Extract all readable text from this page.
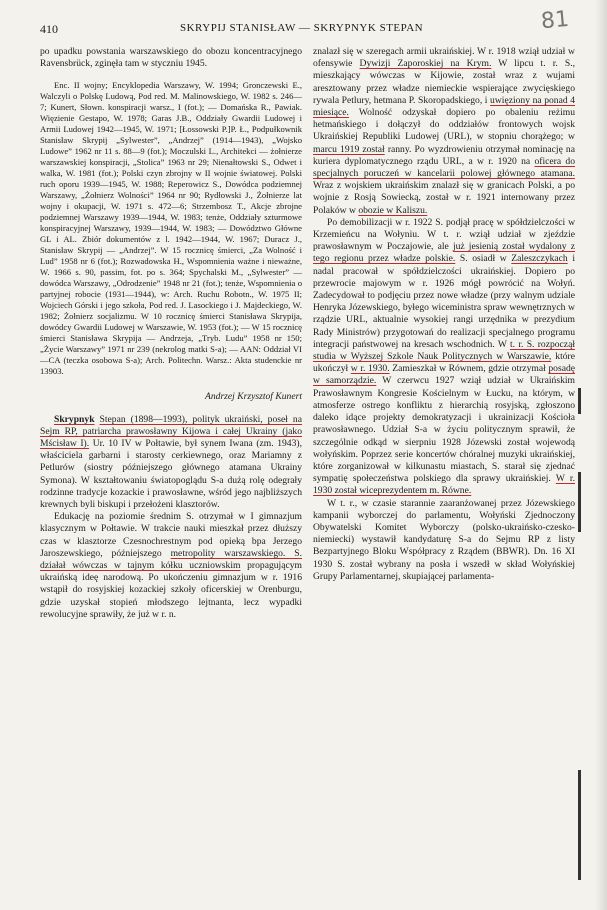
410	SKRYPIJ STANISŁAW — SKRYPNYK STEPAN	81

po upadku powstania warszawskiego do obozu koncentracyjnego Ravensbrück, zginęła tam w styczniu 1945.

Enc. II wojny; Encyklopedia Warszawy, W. 1994; Gronczewski E., Walczyli o Polskę Ludową, Pod red. M. Malinowskiego, W. 1982 s. 246—7; Kunert, Słown. konspiracji warsz., I (fot.); — Domańska R., Pawiak. Więzienie Gestapo, W. 1978; Garas J.B., Oddziały Gwardii Ludowej i Armii Ludowej 1942—1945, W. 1971; [Łossowski P.]P. Ł., Podpułkownik Stanisław Skrypij „Sylwester”, „Andrzej” (1914—1943), „Wojsko Ludowe” 1962 nr 11 s. 88—9 (fot.); Moczulski L., Architekci — żołnierze warszawskiej konspiracji, „Stolica” 1963 nr 29; Nienałtowski S., Odwet i walka, W. 1981 (fot.); Polski czyn zbrojny w II wojnie światowej. Polski ruch oporu 1939—1945, W. 1988; Reperowicz S., Dowódca podziemnej Warszawy, „Żołnierz Wolności” 1964 nr 90; Rydłowski J., Żołnierze lat wojny i okupacji, W. 1971 s. 472—6; Strzembosz T., Akcje zbrojne podziemnej Warszawy 1939—1944, W. 1983; tenże, Oddziały szturmowe konspiracyjnej Warszawy, 1939—1944, W. 1983; — Dowództwo Główne GL i AL. Zbiór dokumentów z l. 1942—1944, W. 1967; Duracz J., Stanisław Skrypij — „Andrzej”. W 15 rocznicę śmierci, „Za Wolność i Lud” 1958 nr 6 (fot.); Rozwadowska H., Wspomnienia ważne i nieważne, W. 1966 s. 90, passim, fot. po s. 364; Spychalski M., „Sylwester” — dowódca Warszawy, „Odrodzenie” 1948 nr 21 (fot.); tenże, Wspomnienia o partyjnej robocie (1931—1944), w: Arch. Ruchu Robotn., W. 1975 II; Wojciech Górski i jego szkoła, Pod red. J. Lasockiego i J. Majdeckiego, W. 1982; Żołnierz socjalizmu. W 10 rocznicę śmierci Stanisława Skrypija, dowódcy Gwardii Ludowej w Warszawie, W. 1953 (fot.); — W 15 rocznicę śmierci Stanisława Skrypija — Andrzeja, „Tryb. Ludu” 1958 nr 150; „Życie Warszawy” 1971 nr 239 (nekrolog matki S-a); — AAN: Oddział VI—CA (teczka osobowa S-a); Arch. Politechn. Warsz.: Akta studenckie nr 13903.

Andrzej Krzysztof Kunert

Skrypnyk Stepan (1898—1993), polityk ukraiński, poseł na Sejm RP, patriarcha prawosławny Kijowa i całej Ukrainy (jako Mścisław I). Ur. 10 IV w Połtawie, był synem Iwana (zm. 1943), właściciela garbarni i starosty cerkiewnego, oraz Mariamny z Petlurów (siostry późniejszego głównego atamana Ukrainy Symona). W kształtowaniu światopoglądu S-a dużą rolę odegrały rodzinne tradycje kozackie i prawosławne, wśród jego najbliższych krewnych byli biskupi i przełożeni klasztorów.

Edukację na poziomie średnim S. otrzymał w I gimnazjum klasycznym w Połtawie. W trakcie nauki mieszkał przez dłuższy czas w klasztorze Czesnochrestnym pod opieką bpa Jerzego Jaroszewskiego, późniejszego metropolity warszawskiego. S. działał wówczas w tajnym kółku uczniowskim propagującym ukraińską ideę narodową. Po ukończeniu gimnazjum w r. 1916 wstąpił do rosyjskiej kozackiej szkoły oficerskiej w Orenburgu, gdzie uzyskał stopień młodszego lejtnanta, lecz wypadki rewolucyjne sprawiły, że już w r. n.

znalazł się w szeregach armii ukraińskiej. W r. 1918 wziął udział w ofensywie Dywizji Zaporoskiej na Krym. W lipcu t. r. S., mieszkający wówczas w Kijowie, został wraz z wujami aresztowany przez władze niemieckie wspierające zwycięskiego rywala Petlury, hetmana P. Skoropadskiego, i uwięziony na ponad 4 miesiące. Wolność odzyskał dopiero po obaleniu reżimu hetmańskiego i dołączył do oddziałów frontowych wojsk Ukraińskiej Republiki Ludowej (URL), w stopniu chorążego; w marcu 1919 został ranny. Po wyzdrowieniu otrzymał nominację na kuriera dyplomatycznego rządu URL, a w r. 1920 na oficera do specjalnych poruczeń w kancelarii polowej głównego atamana. Wraz z wojskiem ukraińskim znalazł się w granicach Polski, a po wojnie z Rosją Sowiecką, został w r. 1921 internowany przez Polaków w obozie w Kaliszu.

Po demobilizacji w r. 1922 S. podjął pracę w spółdzielczości w Krzemieńcu na Wołyniu. W t. r. wziął udział w zjeździe prawosławnym w Poczajowie, ale już jesienią został wydalony z tego regionu przez władze polskie. S. osiadł w Zaleszczykach i nadal pracował w spółdzielczości ukraińskiej. Dopiero po przewrocie majowym w r. 1926 mógł powrócić na Wołyń. Zadecydował to podjęciu przez nowe władze (przy walnym udziale Henryka Józewskiego, byłego wiceministra spraw wewnętrznych w rządzie URL, aktualnie wysokiej rangi urzędnika w prezydium Rady Ministrów) przygotowań do realizacji specjalnego programu integracji państwowej na kresach wschodnich. W t. r. S. rozpoczął studia w Wyższej Szkole Nauk Politycznych w Warszawie, które ukończył w r. 1930. Zamieszkał w Równem, gdzie otrzymał posadę w samorządzie. W czerwcu 1927 wziął udział w Ukraińskim Prawosławnym Kongresie Kościelnym w Łucku, na którym, w atmosferze ostrego konfliktu z hierarchią rosyjską, zgłoszono daleko idące projekty demokratyzacji i ukrainizacji Kościoła prawosławnego. Udział S-a w życiu politycznym sprawił, że szczególnie odkąd w sierpniu 1928 Józewski został wojewodą wołyńskim. Poprzez serie koncertów chóralnej muzyki ukraińskiej, które zorganizował w kilkunastu miastach, S. starał się zjednać sympatię społeczeństwa polskiego dla sprawy ukraińskiej. W r. 1930 został wiceprezydentem m. Równe.

W t. r., w czasie starannie zaaranżowanej przez Józewskiego kampanii wyborczej do parlamentu, Wołyński Zjednoczony Obywatelski Komitet Wyborczy (polsko-ukraińsko-czesko-niemiecki) wystawił kandydaturę S-a do Sejmu RP z listy Bezpartyjnego Bloku Współpracy z Rządem (BBWR). Dn. 16 XI 1930 S. został wybrany na posła i wszedł w skład Wołyńskiej Grupy Parlamentarnej, skupiającej parlamenta-
